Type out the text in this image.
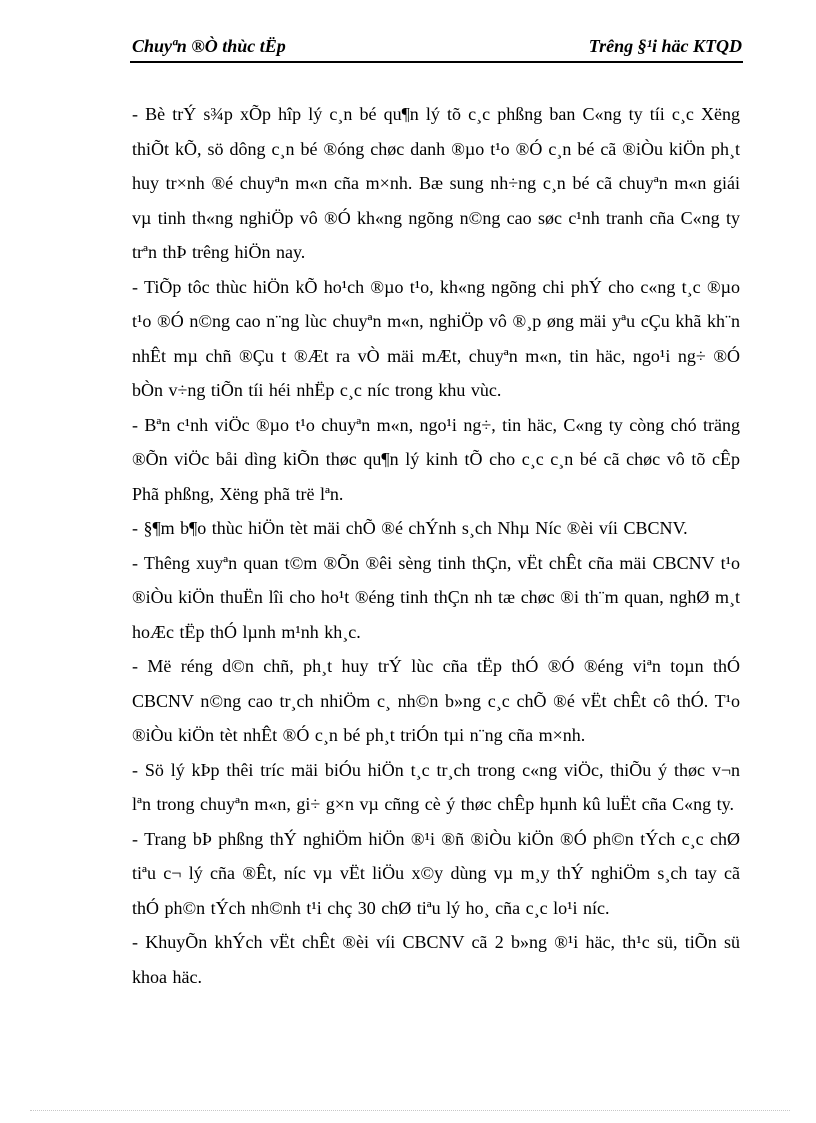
Chuyªn ®Ò thùc tËp	Trêng §¹i häc KTQD

- Bè trÝ s¾p xÕp hîp lý c¸n bé qu¶n lý tõ c¸c phßng ban C«ng ty tíi c¸c Xëng thiÕt kÕ, sö dông c¸n bé ®óng chøc danh ®µo t¹o ®Ó c¸n bé cã ®iÒu kiÖn ph¸t huy tr×nh ®é chuyªn m«n cña m×nh. Bæ sung nh÷ng c¸n bé cã chuyªn m«n giái vµ tinh th«ng nghiÖp vô ®Ó kh«ng ngõng n©ng cao søc c¹nh tranh cña C«ng ty trªn thÞ trêng hiÖn nay.

- TiÕp tôc thùc hiÖn kÕ ho¹ch ®µo t¹o, kh«ng ngõng chi phÝ cho c«ng t¸c ®µo t¹o ®Ó n©ng cao n¨ng lùc chuyªn m«n, nghiÖp vô ®¸p øng mäi yªu cÇu khã kh¨n nhÊt mµ chñ ®Çu t ®Æt ra vÒ mäi mÆt, chuyªn m«n, tin häc, ngo¹i ng÷ ®Ó bÒn v÷ng tiÕn tíi héi nhËp c¸c níc trong khu vùc.

- Bªn c¹nh viÖc ®µo t¹o chuyªn m«n, ngo¹i ng÷, tin häc, C«ng ty còng chó träng ®Õn viÖc båi dìng kiÕn thøc qu¶n lý kinh tÕ cho c¸c c¸n bé cã chøc vô tõ cÊp Phã phßng, Xëng phã trë lªn.

- §¶m b¶o thùc hiÖn tèt mäi chÕ ®é chÝnh s¸ch Nhµ Níc ®èi víi CBCNV.

- Thêng xuyªn quan t©m ®Õn ®êi sèng tinh thÇn, vËt chÊt cña mäi CBCNV t¹o ®iÒu kiÖn thuËn lîi cho ho¹t ®éng tinh thÇn nh tæ chøc ®i th¨m quan, nghØ m¸t hoÆc tËp thÓ lµnh m¹nh kh¸c.

- Më réng d©n chñ, ph¸t huy trÝ lùc cña tËp thÓ ®Ó ®éng viªn toµn thÓ CBCNV n©ng cao tr¸ch nhiÖm c¸ nh©n b»ng c¸c chÕ ®é vËt chÊt cô thÓ. T¹o ®iÒu kiÖn tèt nhÊt ®Ó c¸n bé ph¸t triÓn tµi n¨ng cña m×nh.

- Sö lý kÞp thêi tríc mäi biÓu hiÖn t¸c tr¸ch trong c«ng viÖc, thiÕu ý thøc v¬n lªn trong chuyªn m«n, gi÷ g×n vµ cñng cè ý thøc chÊp hµnh kû luËt cña C«ng ty.

- Trang bÞ phßng thÝ nghiÖm hiÖn ®¹i ®ñ ®iÒu kiÖn ®Ó ph©n tÝch c¸c chØ tiªu c¬ lý cña ®Êt, níc vµ vËt liÖu x©y dùng vµ m¸y thÝ nghiÖm s¸ch tay cã thÓ ph©n tÝch nh©nh t¹i chç 30 chØ tiªu lý ho¸ cña c¸c lo¹i níc.

- KhuyÕn khÝch vËt chÊt ®èi víi CBCNV cã 2 b»ng ®¹i häc, th¹c sü, tiÕn sü khoa häc.
